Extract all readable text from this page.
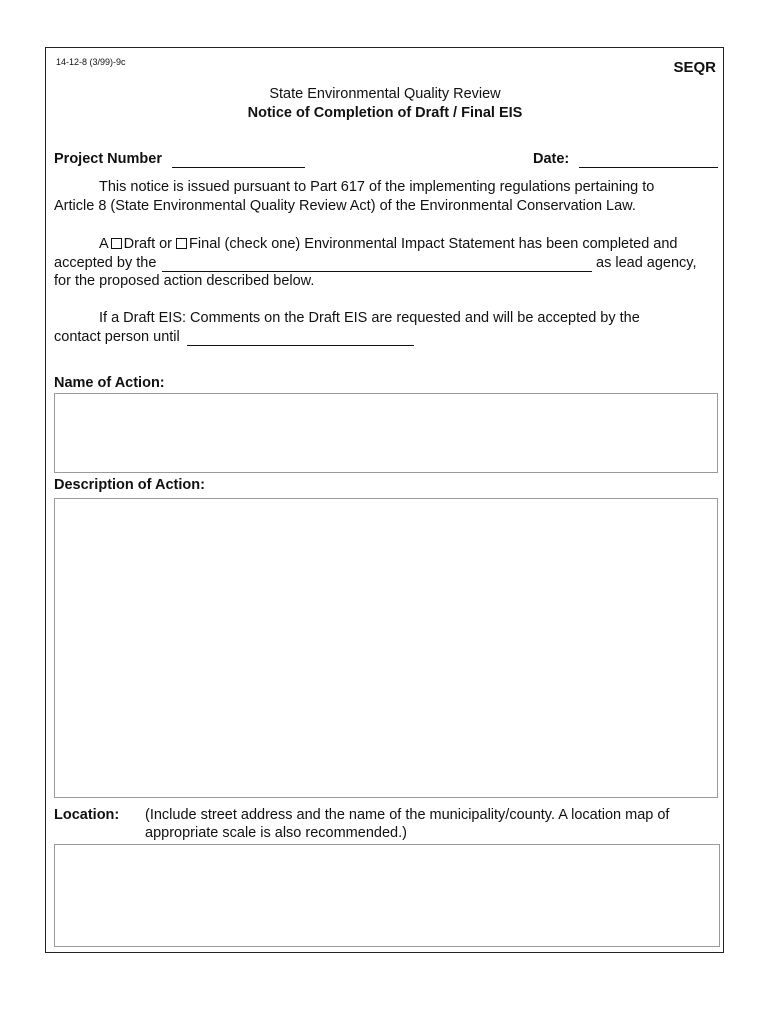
14-12-8 (3/99)-9c	SEQR
State Environmental Quality Review
Notice of Completion of Draft / Final EIS
Project Number	Date:
This notice is issued pursuant to Part 617 of the implementing regulations pertaining to
Article 8 (State Environmental Quality Review Act) of the Environmental Conservation Law.
A Draft or Final (check one) Environmental Impact Statement has been completed and
accepted by the	as lead agency,
for the proposed action described below.
If a Draft EIS: Comments on the Draft EIS are requested and will be accepted by the
contact person until
Name of Action:
Description of Action:
Location: (Include street address and the name of the municipality/county. A location map of
appropriate scale is also recommended.)
